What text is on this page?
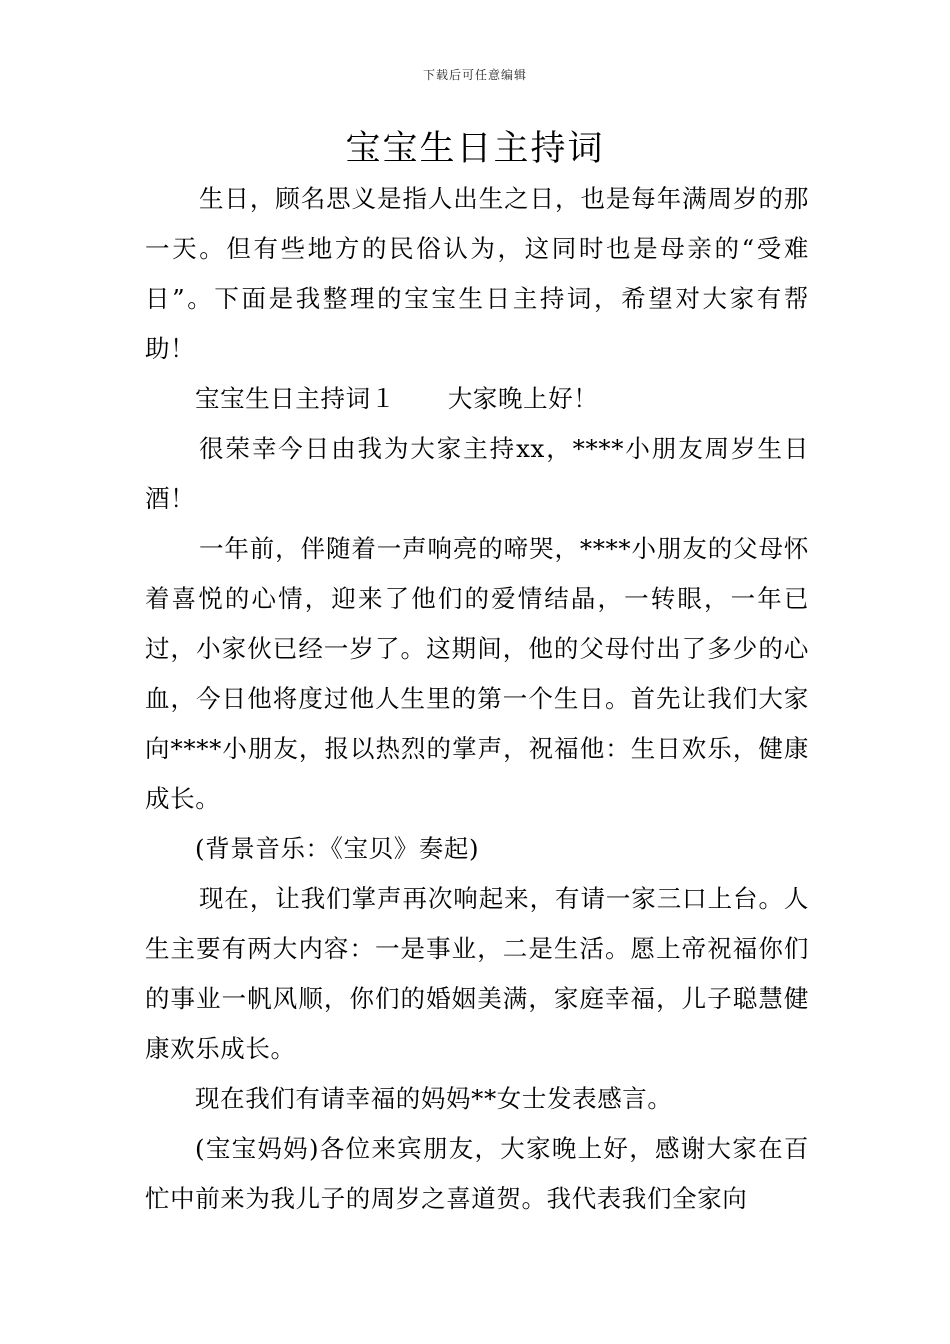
下载后可任意编辑
宝宝生日主持词

生日，顾名思义是指人出生之日，也是每年满周岁的那一天。但有些地方的民俗认为，这同时也是母亲的“受难日”。下面是我整理的宝宝生日主持词，希望对大家有帮助！

宝宝生日主持词１ 大家晚上好！

很荣幸今日由我为大家主持xx，****小朋友周岁生日酒！

一年前，伴随着一声响亮的啼哭，****小朋友的父母怀着喜悦的心情，迎来了他们的爱情结晶，一转眼，一年已过，小家伙已经一岁了。这期间，他的父母付出了多少的心血，今日他将度过他人生里的第一个生日。首先让我们大家向****小朋友，报以热烈的掌声，祝福他：生日欢乐，健康成长。

(背景音乐：《宝贝》奏起)

现在，让我们掌声再次响起来，有请一家三口上台。人生主要有两大内容：一是事业，二是生活。愿上帝祝福你们的事业一帆风顺，你们的婚姻美满，家庭幸福，儿子聪慧健康欢乐成长。

现在我们有请幸福的妈妈**女士发表感言。

(宝宝妈妈)各位来宾朋友，大家晚上好，感谢大家在百忙中前来为我儿子的周岁之喜道贺。我代表我们全家向
